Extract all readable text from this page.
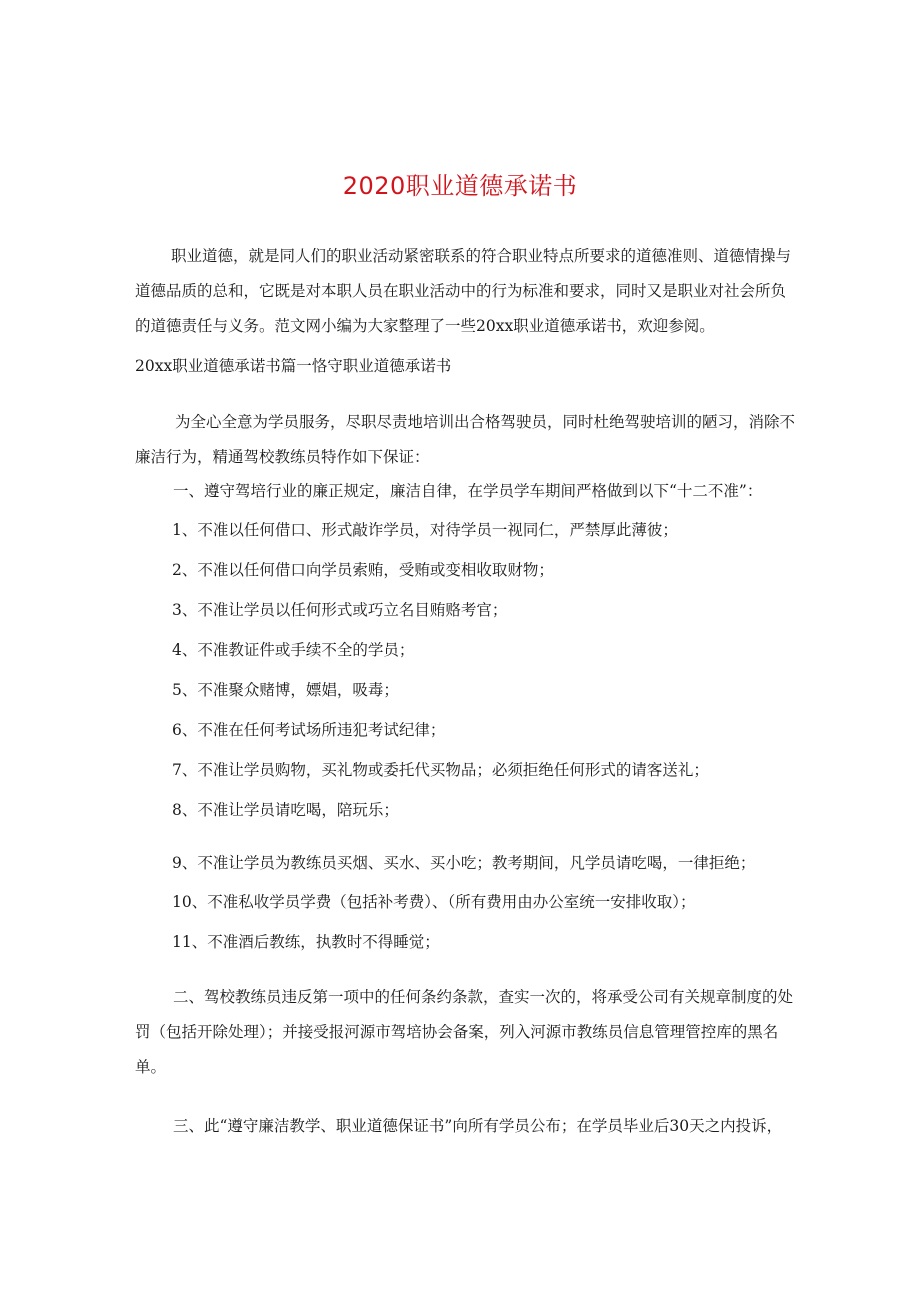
2020职业道德承诺书
职业道德，就是同人们的职业活动紧密联系的符合职业特点所要求的道德准则、道德情操与
道德品质的总和，它既是对本职人员在职业活动中的行为标准和要求，同时又是职业对社会所负
的道德责任与义务。范文网小编为大家整理了一些20xx职业道德承诺书，欢迎参阅。
20xx职业道德承诺书篇一恪守职业道德承诺书
为全心全意为学员服务，尽职尽责地培训出合格驾驶员，同时杜绝驾驶培训的陋习，消除不
廉洁行为，精通驾校教练员特作如下保证：
一、遵守驾培行业的廉正规定，廉洁自律，在学员学车期间严格做到以下“十二不准”：
1、不准以任何借口、形式敲诈学员，对待学员一视同仁，严禁厚此薄彼；
2、不准以任何借口向学员索贿，受贿或变相收取财物；
3、不准让学员以任何形式或巧立名目贿赂考官；
4、不准教证件或手续不全的学员；
5、不准聚众赌博，嫖娼，吸毒；
6、不准在任何考试场所违犯考试纪律；
7、不准让学员购物，买礼物或委托代买物品；必须拒绝任何形式的请客送礼；
8、不准让学员请吃喝，陪玩乐；
9、不准让学员为教练员买烟、买水、买小吃；教考期间，凡学员请吃喝，一律拒绝；
10、不准私收学员学费（包括补考费）、（所有费用由办公室统一安排收取）；
11、不准酒后教练，执教时不得睡觉；
二、驾校教练员违反第一项中的任何条约条款，查实一次的，将承受公司有关规章制度的处
罚（包括开除处理）；并接受报河源市驾培协会备案，列入河源市教练员信息管理管控库的黑名
单。
三、此“遵守廉洁教学、职业道德保证书”向所有学员公布；在学员毕业后30天之内投诉，
